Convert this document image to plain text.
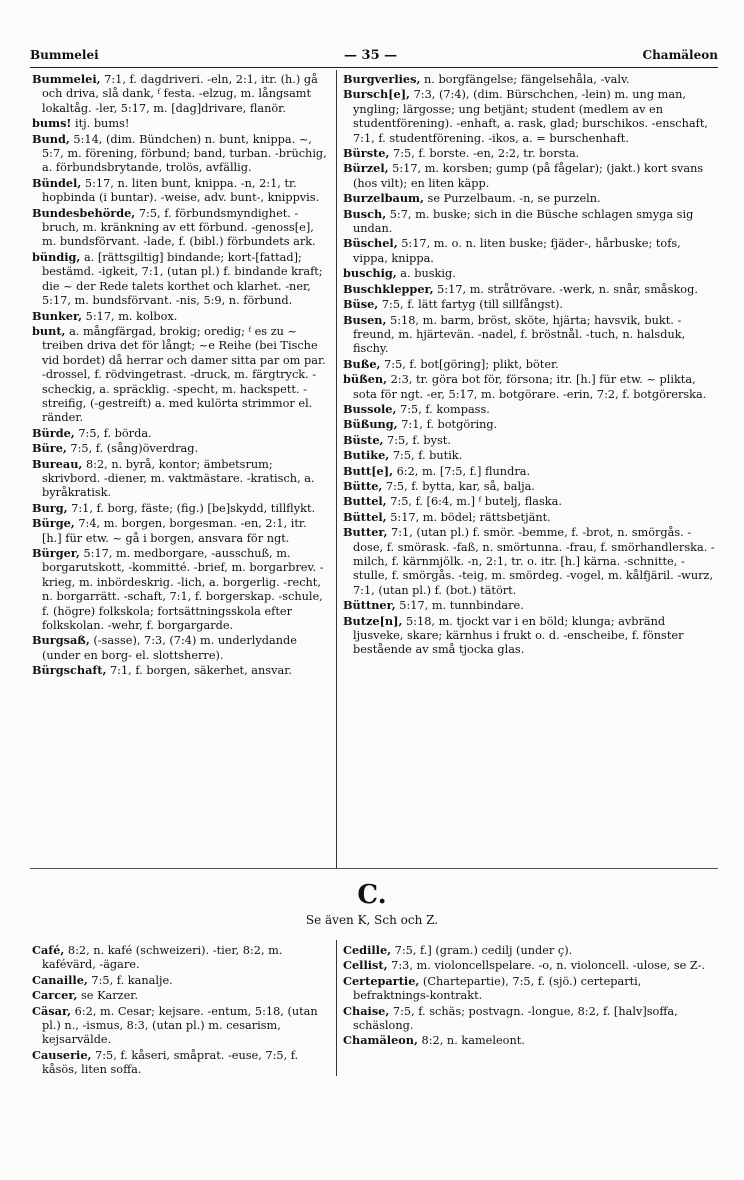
Bummelei	— 35 —	Chamäleon

Bummelei, 7:1, f. dagdriveri. -eln, 2:1, itr. (h.) gå och driva, slå dank, ᶠ festa. -elzug, m. långsamt lokaltåg. -ler, 5:17, m. [dag]drivare, flanör.

bums! itj. bums!

Bund, 5:14, (dim. Bündchen) n. bunt, knippa. ~, 5:7, m. förening, förbund; band, turban. -brüchig, a. förbundsbrytande, trolös, avfällig.

Bündel, 5:17, n. liten bunt, knippa. -n, 2:1, tr. hopbinda (i buntar). -weise, adv. bunt-, knippvis.

Bundesbehörde, 7:5, f. förbundsmyndighet. -bruch, m. kränkning av ett förbund. -genoss[e], m. bundsförvant. -lade, f. (bibl.) förbundets ark.

bündig, a. [rättsgiltig] bindande; kort-[fattad]; bestämd. -igkeit, 7:1, (utan pl.) f. bindande kraft; die ~ der Rede talets korthet och klarhet. -ner, 5:17, m. bundsförvant. -nis, 5:9, n. förbund.

Bunker, 5:17, m. kolbox.

bunt, a. mångfärgad, brokig; oredig; ᶠ es zu ~ treiben driva det för långt; ~e Reihe (bei Tische vid bordet) då herrar och damer sitta par om par. -drossel, f. rödvingetrast. -druck, m. färgtryck. -scheckig, a. spräcklig. -specht, m. hackspett. -streifig, (-gestreift) a. med kulörta strimmor el. ränder.

Bürde, 7:5, f. börda.

Büre, 7:5, f. (sång)överdrag.

Bureau, 8:2, n. byrå, kontor; ämbetsrum; skrivbord. -diener, m. vaktmästare. -kratisch, a. byråkratisk.

Burg, 7:1, f. borg, fäste; (fig.) [be]skydd, tillflykt.

Bürge, 7:4, m. borgen, borgesman. -en, 2:1, itr. [h.] für etw. ~ gå i borgen, ansvara för ngt.

Bürger, 5:17, m. medborgare, -ausschuß, m. borgarutskott, -kommitté. -brief, m. borgarbrev. -krieg, m. inbördeskrig. -lich, a. borgerlig. -recht, n. borgarrätt. -schaft, 7:1, f. borgerskap. -schule, f. (högre) folkskola; fortsättningsskola efter folkskolan. -wehr, f. borgargarde.

Burgsaß, (-sasse), 7:3, (7:4) m. underlydande (under en borg- el. slottsherre).

Bürgschaft, 7:1, f. borgen, säkerhet, ansvar.

Burgverlies, n. borgfängelse; fängelsehåla, -valv.

Bursch[e], 7:3, (7:4), (dim. Bürschchen, -lein) m. ung man, yngling; lärgosse; ung betjänt; student (medlem av en studentförening). -enhaft, a. rask, glad; burschikos. -enschaft, 7:1, f. studentförening. -ikos, a. = burschenhaft.

Bürste, 7:5, f. borste. -en, 2:2, tr. borsta.

Bürzel, 5:17, m. korsben; gump (på fågelar); (jakt.) kort svans (hos vilt); en liten käpp.

Burzelbaum, se Purzelbaum. -n, se purzeln.

Busch, 5:7, m. buske; sich in die Büsche schlagen smyga sig undan.

Büschel, 5:17, m. o. n. liten buske; fjäder-, hårbuske; tofs, vippa, knippa.

buschig, a. buskig.

Buschklepper, 5:17, m. stråtrövare. -werk, n. snår, småskog.

Büse, 7:5, f. lätt fartyg (till sillfångst).

Busen, 5:18, m. barm, bröst, sköte, hjärta; havsvik, bukt. -freund, m. hjärtevän. -nadel, f. bröstnål. -tuch, n. halsduk, fischy.

Buße, 7:5, f. bot[göring]; plikt, böter.

büßen, 2:3, tr. göra bot för, försona; itr. [h.] für etw. ~ plikta, sota för ngt. -er, 5:17, m. botgörare. -erin, 7:2, f. botgörerska.

Bussole, 7:5, f. kompass.

Büßung, 7:1, f. botgöring.

Büste, 7:5, f. byst.

Butike, 7:5, f. butik.

Butt[e], 6:2, m. [7:5, f.] flundra.

Bütte, 7:5, f. bytta, kar, så, balja.

Buttel, 7:5, f. [6:4, m.] ᶠ butelj, flaska.

Büttel, 5:17, m. bödel; rättsbetjänt.

Butter, 7:1, (utan pl.) f. smör. -bemme, f. -brot, n. smörgås. -dose, f. smörask. -faß, n. smörtunna. -frau, f. smörhandlerska. -milch, f. kärnmjölk. -n, 2:1, tr. o. itr. [h.] kärna. -schnitte, -stulle, f. smörgås. -teig, m. smördeg. -vogel, m. kålfjäril. -wurz, 7:1, (utan pl.) f. (bot.) tätört.

Büttner, 5:17, m. tunnbindare.

Butze[n], 5:18, m. tjockt var i en böld; klunga; avbränd ljusveke, skare; kärnhus i frukt o. d. -enscheibe, f. fönster bestående av små tjocka glas.

C.
Se även K, Sch och Z.

Café, 8:2, n. kafé (schweizeri). -tier, 8:2, m. kafévärd, -ägare.

Canaille, 7:5, f. kanalje.

Carcer, se Karzer.

Cäsar, 6:2, m. Cesar; kejsare. -entum, 5:18, (utan pl.) n., -ismus, 8:3, (utan pl.) m. cesarism, kejsarvälde.

Causerie, 7:5, f. kåseri, småprat. -euse, 7:5, f. kåsös, liten soffa.

Cedille, 7:5, f.] (gram.) cedilj (under ç).

Cellist, 7:3, m. violoncellspelare. -o, n. violoncell. -ulose, se Z-.

Certepartie, (Chartepartie), 7:5, f. (sjö.) certeparti, befraktnings-kontrakt.

Chaise, 7:5, f. schäs; postvagn. -longue, 8:2, f. [halv]soffa, schäslong.

Chamäleon, 8:2, n. kameleont.
